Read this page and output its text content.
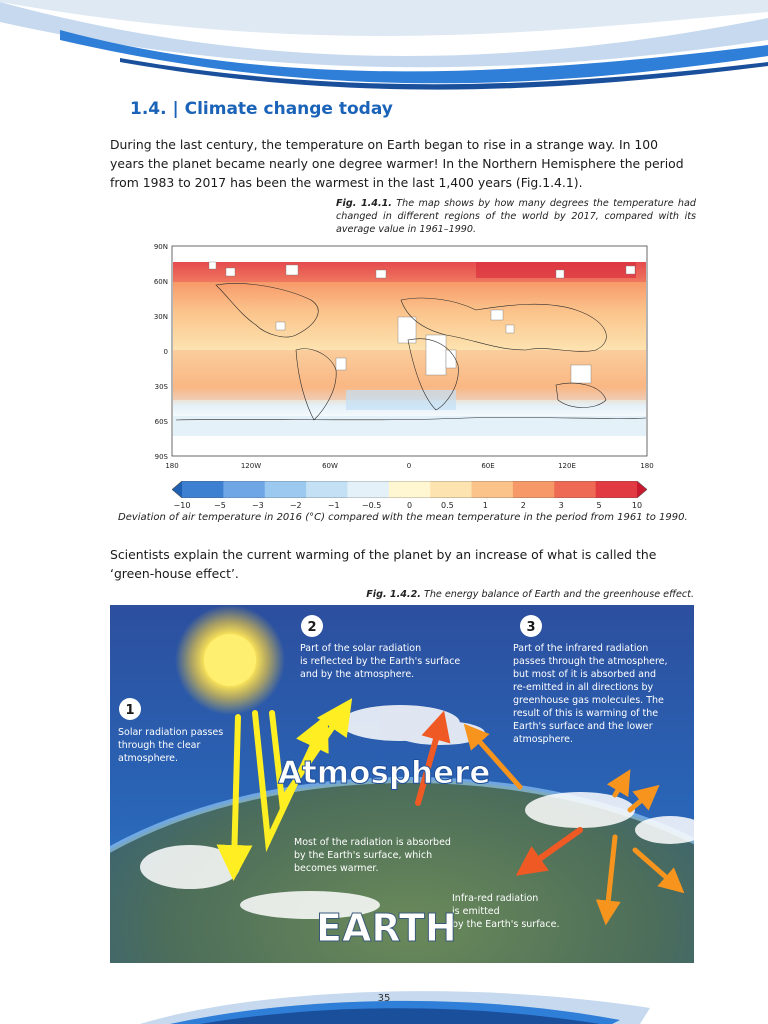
1.4. | Climate change today

During the last century, the temperature on Earth began to rise in a strange way. In 100 years the planet became nearly one degree warmer! In the Northern Hemisphere the period from 1983 to 2017 has been the warmest in the last 1,400 years (Fig.1.4.1).

Fig. 1.4.1. The map shows by how many degrees the temperature had changed in different regions of the world by 2017, compared with its average value in 1961–1990.

90N
60N
30N
0
30S
60S
90S
180	120W	60W	0	60E	120E	180
−10	−5	−3	−2	−1	−0.5	0	0.5	1	2	3	5	10

Deviation of air temperature in 2016 (°C) compared with the mean temperature in the period from 1961 to 1990.

Scientists explain the current warming of the planet by an increase of what is called the ‘green-house effect’.

Fig. 1.4.2. The energy balance of Earth and the greenhouse effect.

1
2	3
Solar radiation passes through the clear atmosphere.
Part of the solar radiation is reflected by the Earth's surface and by the atmosphere.
Part of the infrared radiation passes through the atmosphere, but most of it is absorbed and re-emitted in all directions by greenhouse gas molecules. The result of this is warming of the Earth's surface and the lower atmosphere.
Most of the radiation is absorbed by the Earth's surface, which becomes warmer.
Infra-red radiation is emitted by the Earth's surface.
Atmosphere
EARTH
35
